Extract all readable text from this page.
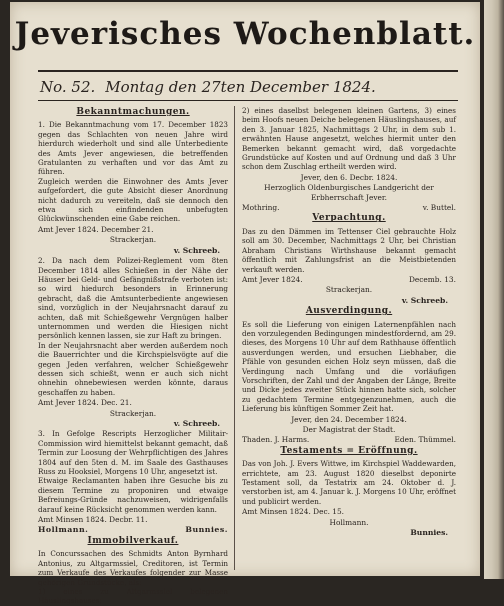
Jeverisches Wochenblatt.
No. 52. Montag den 27ten December 1824.
Bekanntmachungen.

1. Die Bekanntmachung vom 17. December 1823 gegen das Schlachten von neuen Jahre wird hierdurch wiederholt und sind alle Unterbediente des Amts Jever angewiesen, die betreffenden Gratulanten zu verhaften und vor das Amt zu führen.

Zugleich werden die Einwohner des Amts Jever aufgefordert, die gute Absicht dieser Anordnung nicht dadurch zu vereiteln, daß sie dennoch den etwa sich einfindenden unbefugten Glückwünschenden eine Gabe reichen.

Amt Jever 1824. December 21.
Strackerjan.
v. Schreeb.

2. Da nach dem Polizei-Reglement vom 8ten December 1814 alles Schießen in der Nähe der Häuser bei Geld- und Gefängnißstrafe verboten ist: so wird hiedurch besonders in Erinnerung gebracht, daß die Amtsunterbediente angewiesen sind, vorzüglich in der Neujahrsnacht darauf zu achten, daß mit Schießgewehr Vergnügen halber unternommen und werden die Hiesigen nicht persönlich kennen lassen, sie zur Haft zu bringen.

In der Neujahrsnacht aber werden außerdem noch die Bauerrichter und die Kirchspielsvögte auf die gegen Jeden verfahren, welcher Schießgewehr dessen sich schießt, wenn er auch sich nicht ohnehin ohnebewiesen werden könnte, daraus geschaffen zu haben.

Amt Jever 1824. Dec. 21.
Strackerjan.
v. Schreeb.

3. In Gefolge Rescripts Herzoglicher Militair-Commission wird hiemittelst bekannt gemacht, daß Termin zur Loosung der Wehrpflichtigen des Jahres 1804 auf den 5ten d. M. im Saale des Gasthauses Russ zu Hooksiel, Morgens 10 Uhr, angesetzt ist.

Etwaige Reclamanten haben ihre Gesuche bis zu diesem Termine zu proponiren und etwaige Befreiungs-Gründe nachzuweisen, widrigenfalls darauf keine Rücksicht genommen werden kann.

Amt Minsen 1824. Decbr. 11.
Hollmann.	Bunnies.
Immobilverkauf.

In Concurssachen des Schmidts Anton Byrnhard Antonius, zu Altgarmssiel, Creditoren, ist Termin zum Verkaufe des Verkaufes folgender zur Masse gehörigen Grundstücke, als:

1) eines zu Altgarmssiel belegenen Häuslingshauses;

2) eines daselbst belegenen kleinen Gartens, 3) eines beim Hoofs neuen Deiche belegenen Häuslingshauses, auf den 3. Januar 1825, Nachmittags 2 Uhr, in dem sub 1. erwähnten Hause angesetzt, welches hiermit unter den Bemerken bekannt gemacht wird, daß vorgedachte Grundstücke auf Kosten und auf Ordnung und daß 3 Uhr schon dem Zuschlag ertheilt werden wird.

Jever, den 6. Decbr. 1824.
Herzoglich Oldenburgisches Landgericht der Erbherrschaft Jever.
Mothring.	v. Buttel.
Verpachtung.

Das zu den Dämmen im Tettenser Ciel gebrauchte Holz soll am 30. December, Nachmittags 2 Uhr, bei Christian Abraham Christians Wirthshause bekannt gemacht öffentlich mit Zahlungsfrist an die Meistbietenden verkauft werden.

Amt Jever 1824.	Decemb. 13.
Strackerjan.
v. Schreeb.
Ausverdingung.

Es soll die Lieferung von einigen Laternenpfählen nach den vorzulegenden Bedingungen mindestfordernd, am 29. dieses, des Morgens 10 Uhr auf dem Rathhause öffentlich ausverdungen werden, und ersuchen Liebhaber, die Pfähle von gesunden eichen Holz seyn müssen, daß die Verdingung nach Umfang und die vorläufigen Vorschriften, der Zahl und der Angaben der Länge, Breite und Dicke jedes zweiter Stück hinnen hatte sich, solcher zu gedachtem Termine entgegenzunehmen, auch die Lieferung bis künftigen Sommer Zeit hat.

Jever, den 24. December 1824.
Der Magistrat der Stadt.
Thaden. J. Harms.	Eden. Thümmel.
Testaments = Eröffnung.

Das von Joh. J. Evers Wittwe, im Kirchspiel Waddewarden, errichtete, am 23. August 1820 dieselbst deponirte Testament soll, da Testatrix am 24. Oktober d. J. verstorben ist, am 4. Januar k. J. Morgens 10 Uhr, eröffnet und publicirt werden.

Amt Minsen 1824. Dec. 15.
Hollmann.
Bunnies.
